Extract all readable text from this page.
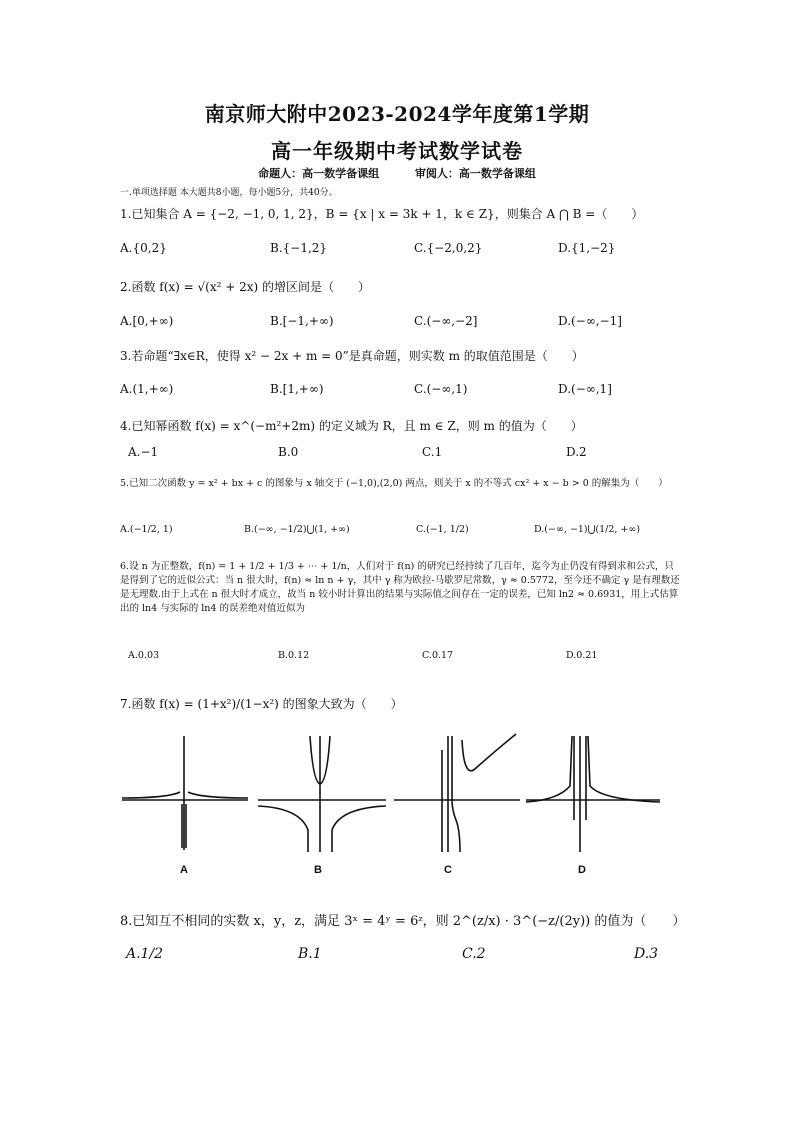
南京师大附中2023-2024学年度第1学期
高一年级期中考试数学试卷
命题人：高一数学备课组	审阅人：高一数学备课组
一.单项选择题 本大题共8小题，每小题5分，共40分。
1.已知集合 A = {−2, −1, 0, 1, 2}，B = {x | x = 3k + 1，k ∈ Z}，则集合 A ⋂ B =（　　）
A.{0,2}	B.{−1,2}	C.{−2,0,2}	D.{1,−2}
2.函数 f(x) = √(x² + 2x) 的增区间是（　　）
A.[0,+∞)	B.[−1,+∞)	C.(−∞,−2]	D.(−∞,−1]
3.若命题“∃x∈R，使得 x² − 2x + m = 0”是真命题，则实数 m 的取值范围是（　　）
A.(1,+∞)	B.[1,+∞)	C.(−∞,1)	D.(−∞,1]
4.已知幂函数 f(x) = x^(−m²+2m) 的定义域为 R，且 m ∈ Z，则 m 的值为（　　）
A.−1	B.0	C.1	D.2
5.已知二次函数 y = x² + bx + c 的图象与 x 轴交于 (−1,0),(2,0) 两点，则关于 x 的不等式 cx² + x − b > 0 的解集为（　　）
A.(−1/2, 1)	B.(−∞, −1/2)⋃(1, +∞)	C.(−1, 1/2)	D.(−∞, −1)⋃(1/2, +∞)
6.设 n 为正整数，f(n) = 1 + 1/2 + 1/3 + ⋯ + 1/n，人们对于 f(n) 的研究已经持续了几百年，迄今为止仍没有得到求和公式，只是得到了它的近似公式：当 n 很大时，f(n) ≈ ln n + γ，其中 γ 称为欧拉-马歇罗尼常数，γ ≈ 0.5772，至今还不确定 γ 是有理数还是无理数.由于上式在 n 很大时才成立，故当 n 较小时计算出的结果与实际值之间存在一定的误差，已知 ln2 ≈ 0.6931，用上式估算出的 ln4 与实际的 ln4 的误差绝对值近似为
A.0.03	B.0.12	C.0.17	D.0.21
7.函数 f(x) = (1+x²)/(1−x²) 的图象大致为（　　）
A	B	C	D
8.已知互不相同的实数 x，y，z，满足 3ˣ = 4ʸ = 6ᶻ，则 2^(z/x) · 3^(−z/(2y)) 的值为（　　）
A.1/2	B.1	C.2	D.3
